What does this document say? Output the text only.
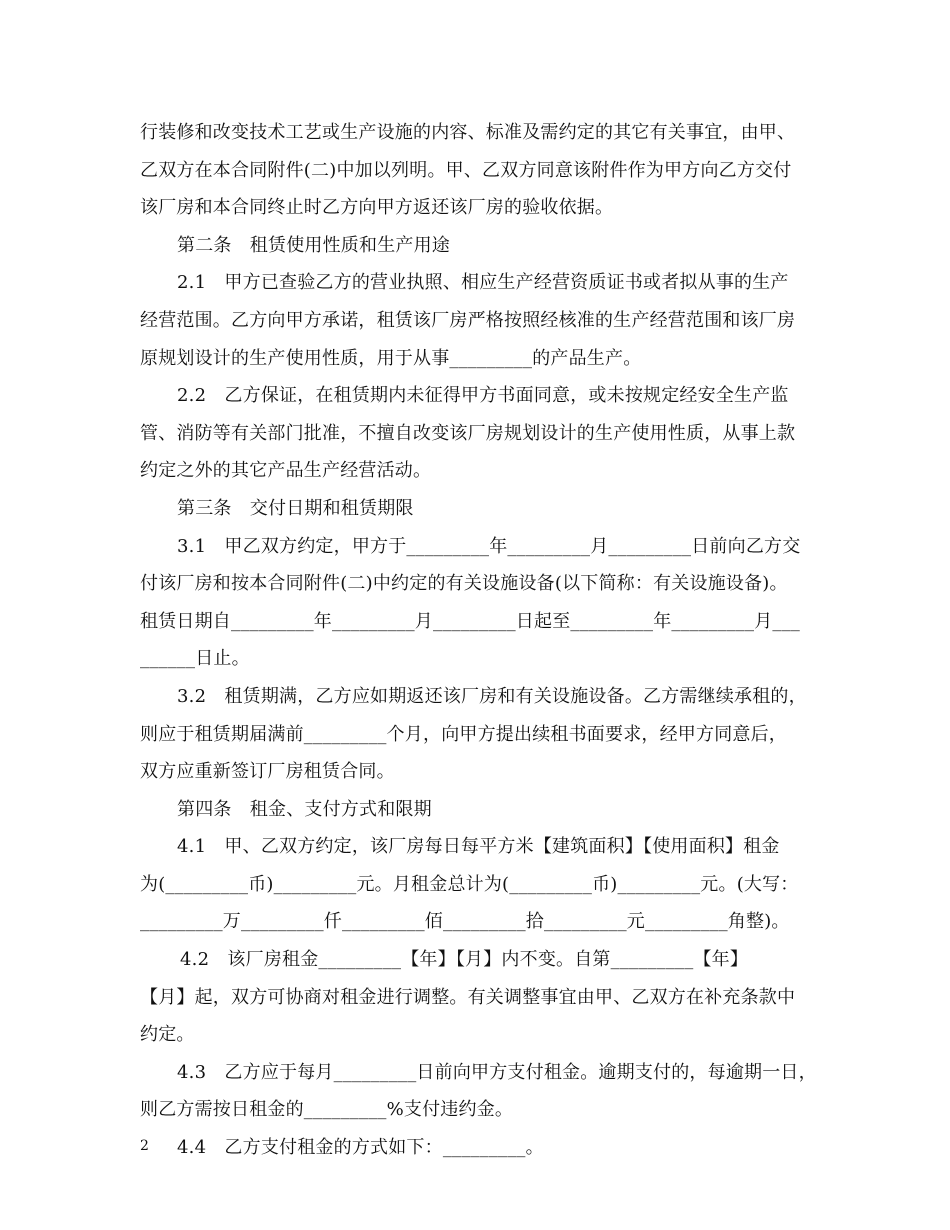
行装修和改变技术工艺或生产设施的内容、标准及需约定的其它有关事宜，由甲、
乙双方在本合同附件(二)中加以列明。甲、乙双方同意该附件作为甲方向乙方交付
该厂房和本合同终止时乙方向甲方返还该厂房的验收依据。
第二条　租赁使用性质和生产用途
2.1　甲方已查验乙方的营业执照、相应生产经营资质证书或者拟从事的生产
经营范围。乙方向甲方承诺，租赁该厂房严格按照经核准的生产经营范围和该厂房
原规划设计的生产使用性质，用于从事_________的产品生产。
2.2　乙方保证，在租赁期内未征得甲方书面同意，或未按规定经安全生产监
管、消防等有关部门批准，不擅自改变该厂房规划设计的生产使用性质，从事上款
约定之外的其它产品生产经营活动。
第三条　交付日期和租赁期限
3.1　甲乙双方约定，甲方于_________年_________月_________日前向乙方交
付该厂房和按本合同附件(二)中约定的有关设施设备(以下简称：有关设施设备)。
租赁日期自_________年_________月_________日起至_________年_________月___
______日止。
3.2　租赁期满，乙方应如期返还该厂房和有关设施设备。乙方需继续承租的，
则应于租赁期届满前_________个月，向甲方提出续租书面要求，经甲方同意后，
双方应重新签订厂房租赁合同。
第四条　租金、支付方式和限期
4.1　甲、乙双方约定，该厂房每日每平方米【建筑面积】【使用面积】租金
为(_________币)_________元。月租金总计为(_________币)_________元。(大写：
_________万_________仟_________佰_________拾_________元_________角整)。
4.2　该厂房租金_________【年】【月】内不变。自第_________【年】
【月】起，双方可协商对租金进行调整。有关调整事宜由甲、乙双方在补充条款中
约定。
4.3　乙方应于每月_________日前向甲方支付租金。逾期支付的，每逾期一日，
则乙方需按日租金的_________%支付违约金。
4.4　乙方支付租金的方式如下：_________。
2
